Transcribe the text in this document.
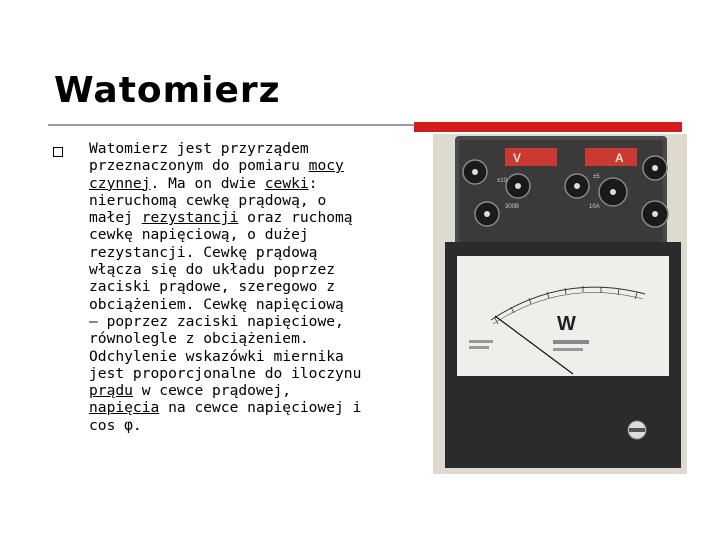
Watomierz

Watomierz jest przyrządem
przeznaczonym do pomiaru mocy
czynnej. Ma on dwie cewki:
nieruchomą cewkę prądową, o
małej rezystancji oraz ruchomą
cewkę napięciową, o dużej
rezystancji. Cewkę prądową
włącza się do układu poprzez
zaciski prądowe, szeregowo z
obciążeniem. Cewkę napięciową
– poprzez zaciski napięciowe,
równolegle z obciążeniem.
Odchylenie wskazówki miernika
jest proporcjonalne do iloczynu
prądu w cewce prądowej,
napięcia na cewce napięciowej i
cos φ.

V	A
±10
300B
±5
10A
W
